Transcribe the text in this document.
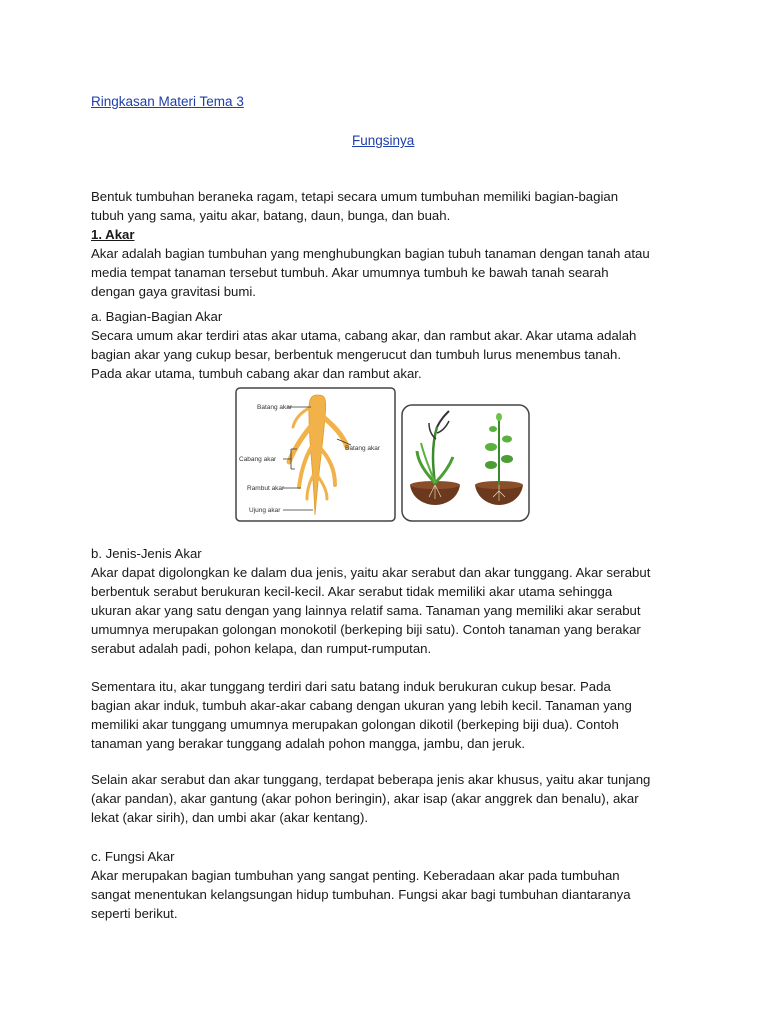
Ringkasan Materi Tema 3
Fungsinya
Bentuk tumbuhan beraneka ragam, tetapi secara umum tumbuhan memiliki bagian-bagian
tubuh yang sama, yaitu akar, batang, daun, bunga, dan buah.
1. Akar
Akar adalah bagian tumbuhan yang menghubungkan bagian tubuh tanaman dengan tanah atau
media tempat tanaman tersebut tumbuh. Akar umumnya tumbuh ke bawah tanah searah
dengan gaya gravitasi bumi.
a. Bagian-Bagian Akar
Secara umum akar terdiri atas akar utama, cabang akar, dan rambut akar. Akar utama adalah
bagian akar yang cukup besar, berbentuk mengerucut dan tumbuh lurus menembus tanah.
Pada akar utama, tumbuh cabang akar dan rambut akar.
Batang akar
Batang akar
Cabang akar
Rambut akar
Ujung akar
b. Jenis-Jenis Akar
Akar dapat digolongkan ke dalam dua jenis, yaitu akar serabut dan akar tunggang. Akar serabut
berbentuk serabut berukuran kecil-kecil. Akar serabut tidak memiliki akar utama sehingga
ukuran akar yang satu dengan yang lainnya relatif sama. Tanaman yang memiliki akar serabut
umumnya merupakan golongan monokotil (berkeping biji satu). Contoh tanaman yang berakar
serabut adalah padi, pohon kelapa, dan rumput-rumputan.
Sementara itu, akar tunggang terdiri dari satu batang induk berukuran cukup besar. Pada
bagian akar induk, tumbuh akar-akar cabang dengan ukuran yang lebih kecil. Tanaman yang
memiliki akar tunggang umumnya merupakan golongan dikotil (berkeping biji dua). Contoh
tanaman yang berakar tunggang adalah pohon mangga, jambu, dan jeruk.
Selain akar serabut dan akar tunggang, terdapat beberapa jenis akar khusus, yaitu akar tunjang
(akar pandan), akar gantung (akar pohon beringin), akar isap (akar anggrek dan benalu), akar
lekat (akar sirih), dan umbi akar (akar kentang).
c. Fungsi Akar
Akar merupakan bagian tumbuhan yang sangat penting. Keberadaan akar pada tumbuhan
sangat menentukan kelangsungan hidup tumbuhan. Fungsi akar bagi tumbuhan diantaranya
seperti berikut.
